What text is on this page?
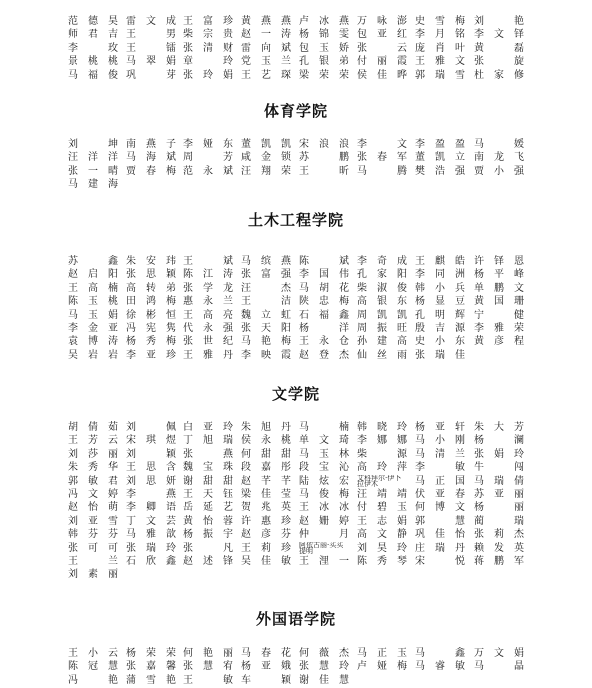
范德昊 雷文成 王富珍 黄燕燕 卢冰燕 万咏澎 史雪梅 刘　艳
师君吉 王　男 柴宗贵 赵一涛 杨锦雯 包亚红 李月铭 李文铎
李　玫 王　镭 张清财 雷向斌 包玉娇 张　云 庞肖叶 黄　磊
景桃桃 马翠娟 章　玲 党玉兰 孔银弟 付丽霞 王雅文 张　旋
马福俊 巩　芽 张玲娟 王艺琛 梁荣荣 侯佳晔 郭瑞雪 杜家修
体育学院
刘　坤 南燕子 李娅东 董凯凯 宋浪浪 李　文 李盈盈 马　媛
汪洋洋 马海斌 周　芳 咸金锁 苏　鹏 张春军 董凯立 南龙飞
张一晴 贾春梅 范永斌 汪翔荣 王　昕 马　腾 樊浩强 贾小强
马建海
土木工程学院
苏　鑫 朱安玮 王　斌 马缤燕 陈　斌 李奇成 王麒皓 许铎恩
赵启阳 张思颖 陈江涛 张富强 李国伟 孔家阳 李同洲 杨平峰
王高楠 高转弟 张学龙 汪　杰 马胡花 柴淑俊 韩小兵 单鹏文
陈玉桃 田鸿梅 惠永兰 王　洁 陕忠梅 高银东 杨显豆 黄国珊
马玉娟 徐彬恒 王高亮 魏立虹 石福鑫 周凯凯 孔明辉 宁　健
李金亚 冯宪隽 代永强 张天阳 杨　洋 周振旺 殷吉源 李雅荣
袁博涛 杨秀梅 张世纪 马艳梅 王永仓 孙建高 史小东 黄彦程
吴岩岩 李亚珍 王雅丹 李映霞 赵登杰 仙丝雨 张瑞佳
文学院
胡倩茹 刘　佩 白亚玲 朱旭丹 马　楠 韩晓玲 杨亚轩 朱大芳
王芳云 宋琪煜 丁旭瑞 侯永桃 单文琦 李娜娜 马小刚 杨　澜
刘莎丽 刘　颖 张　燕 何甜甜 马玉林 柴　源 马清兰 张娟玲
朱秀华 王思含 魏宝珠 段嘉彤 段宝沁 高玲萍 李　敏 牛　闯
郭敏君 刘思妍 谢甜甜 赵芊芊 陆炫宏 艾科拜尔·伊卜拉伊木	马正国 马瑞倩
冯文婷 李　燕 王天钰 梁佳莹 马俊梅 汪靖靖 伏亚春 苏亚丽
赵怡萌 李卿语 岳延艺 贺兆英 王冰冰 付碧玉 何博文 杨　丽
刘亚雪 丁文芸 黄怡蓉 许惠珍 赵姗婷 王志娟 郭　慧 蔺　瑞
韩芬芬 马雅歆 杨振宇 赵彦芬 仲　月 高文静 巩佳怡 张莉杰
张可可 张瑞玲 张　凡 王莉珍 阿依古丽·买买提明	刘昊玲 庄瑞丹 赖发英
王　兰 石欣鑫 赵述锋 吴佳敏 王浬一 陈秀琴 宋　悦 蒋鹏军
刘素丽
外国语学院
王小云 杨荣荣 何艳丽 马春花 何薇杰 马正玉 马　鑫 万文娟
陈冠慧 张嘉馨 张慧宥 杨亚娥 张慧玲 卢娅梅 马睿敏 马　晶
冯　艳 蒲雪艳 王　敏 车　颖 谢佳慧
